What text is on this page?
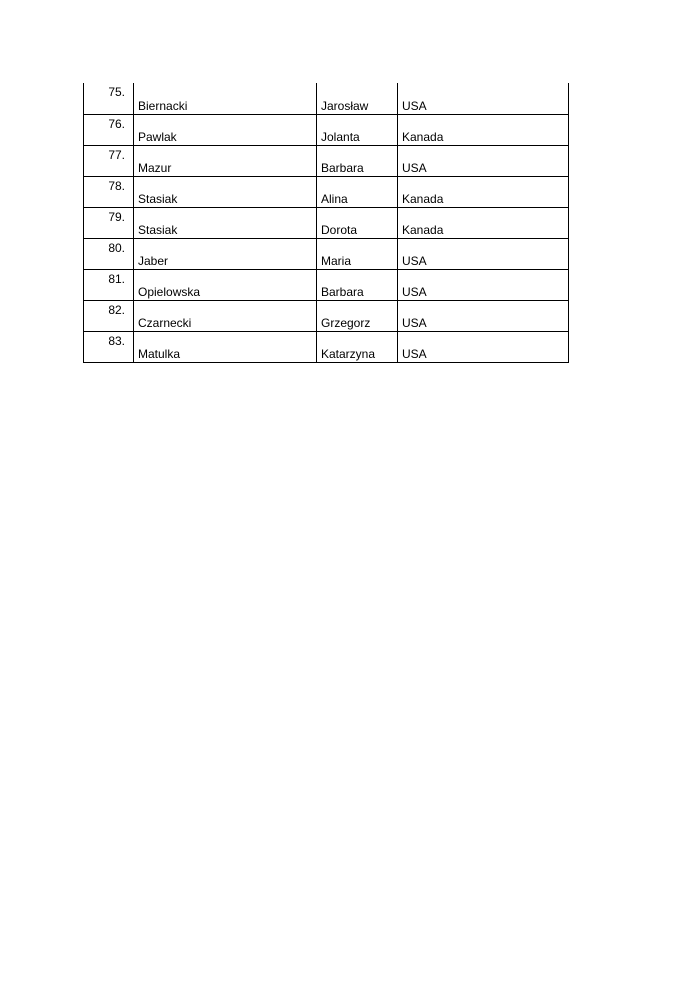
75.	Biernacki	Jarosław	USA

76.	Pawlak	Jolanta	Kanada

77.	Mazur	Barbara	USA

78.	Stasiak	Alina	Kanada

79.	Stasiak	Dorota	Kanada

80.	Jaber	Maria	USA

81.	Opielowska	Barbara	USA

82.	Czarnecki	Grzegorz	USA

83.	Matulka	Katarzyna	USA
